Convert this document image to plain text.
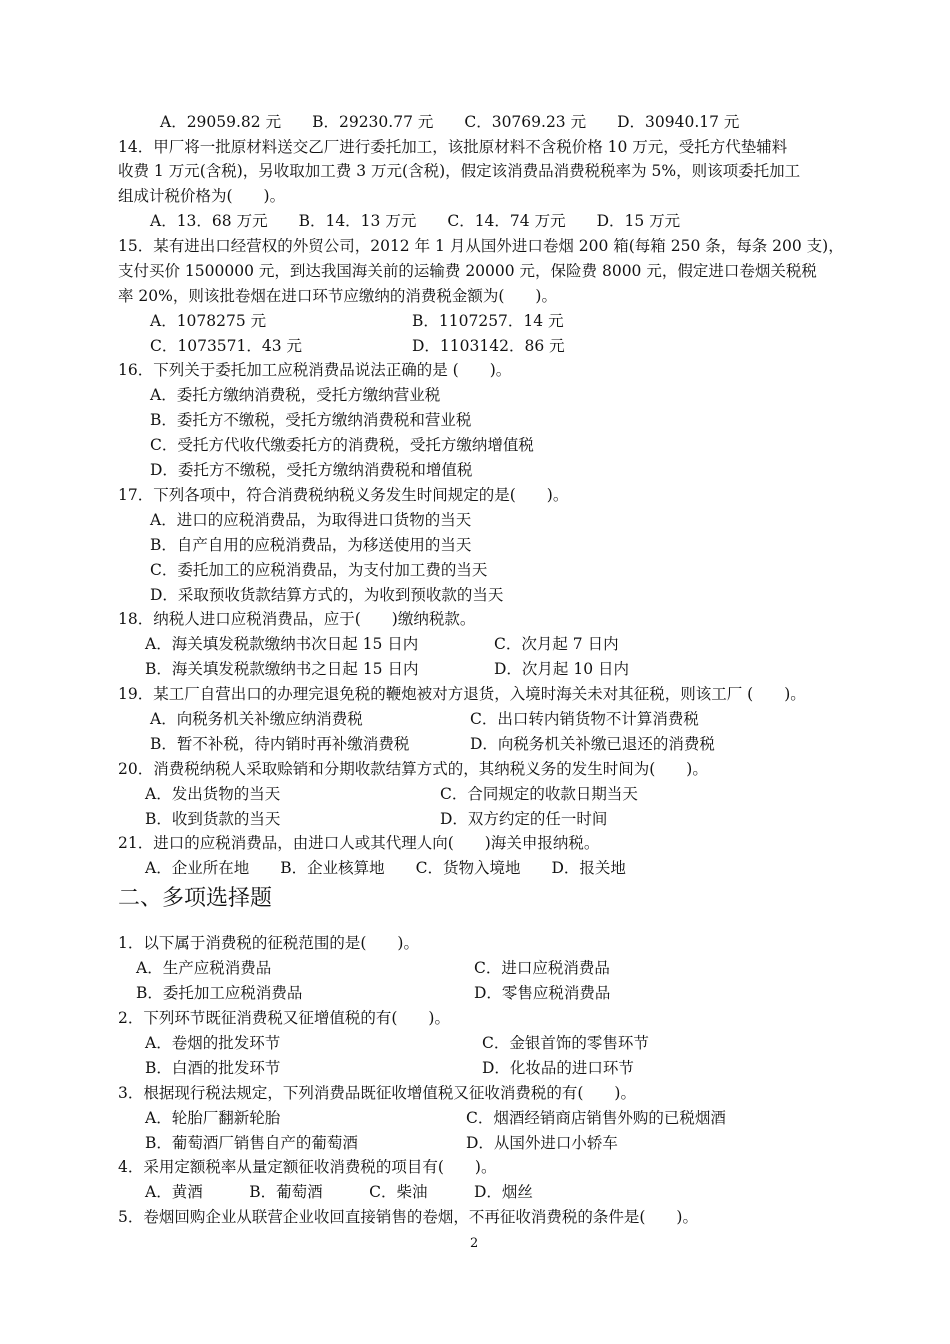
A．29059.82 元　　B．29230.77 元　　C．30769.23 元　　D．30940.17 元
14．甲厂将一批原材料送交乙厂进行委托加工，该批原材料不含税价格 10 万元，受托方代垫辅料
收费 1 万元(含税)，另收取加工费 3 万元(含税)，假定该消费品消费税税率为 5%，则该项委托加工
组成计税价格为(　　)。
A．13．68 万元　　B．14．13 万元　　C．14．74 万元　　D．15 万元
15．某有进出口经营权的外贸公司，2012 年 1 月从国外进口卷烟 200 箱(每箱 250 条，每条 200 支)，
支付买价 1500000 元，到达我国海关前的运输费 20000 元，保险费 8000 元，假定进口卷烟关税税
率 20%，则该批卷烟在进口环节应缴纳的消费税金额为(　　)。
A．1078275 元	B．1107257．14 元
C．1073571．43 元	D．1103142．86 元
16．下列关于委托加工应税消费品说法正确的是 (　　)。
A．委托方缴纳消费税，受托方缴纳营业税
B．委托方不缴税，受托方缴纳消费税和营业税
C．受托方代收代缴委托方的消费税，受托方缴纳增值税
D．委托方不缴税，受托方缴纳消费税和增值税
17．下列各项中，符合消费税纳税义务发生时间规定的是(　　)。
A．进口的应税消费品，为取得进口货物的当天
B．自产自用的应税消费品，为移送使用的当天
C．委托加工的应税消费品，为支付加工费的当天
D．采取预收货款结算方式的，为收到预收款的当天
18．纳税人进口应税消费品，应于(　　)缴纳税款。
A．海关填发税款缴纳书次日起 15 日内	C．次月起 7 日内
B．海关填发税款缴纳书之日起 15 日内	D．次月起 10 日内
19．某工厂自营出口的办理完退免税的鞭炮被对方退货，入境时海关未对其征税，则该工厂 (　　)。
A．向税务机关补缴应纳消费税	C．出口转内销货物不计算消费税
B．暂不补税，待内销时再补缴消费税	D．向税务机关补缴已退还的消费税
20．消费税纳税人采取赊销和分期收款结算方式的，其纳税义务的发生时间为(　　)。
A．发出货物的当天	C．合同规定的收款日期当天
B．收到货款的当天	D．双方约定的任一时间
21．进口的应税消费品，由进口人或其代理人向(　　)海关申报纳税。
A．企业所在地　　B．企业核算地　　C．货物入境地　　D．报关地
二、多项选择题
1．以下属于消费税的征税范围的是(　　)。
A．生产应税消费品	C．进口应税消费品
B．委托加工应税消费品	D．零售应税消费品
2．下列环节既征消费税又征增值税的有(　　)。
A．卷烟的批发环节	C．金银首饰的零售环节
B．白酒的批发环节	D．化妆品的进口环节
3．根据现行税法规定，下列消费品既征收增值税又征收消费税的有(　　)。
A．轮胎厂翻新轮胎	C．烟酒经销商店销售外购的已税烟酒
B．葡萄酒厂销售自产的葡萄酒	D．从国外进口小轿车
4．采用定额税率从量定额征收消费税的项目有(　　)。
A．黄酒　　　B．葡萄酒　　　C．柴油　　　D．烟丝
5．卷烟回购企业从联营企业收回直接销售的卷烟，不再征收消费税的条件是(　　)。
2
